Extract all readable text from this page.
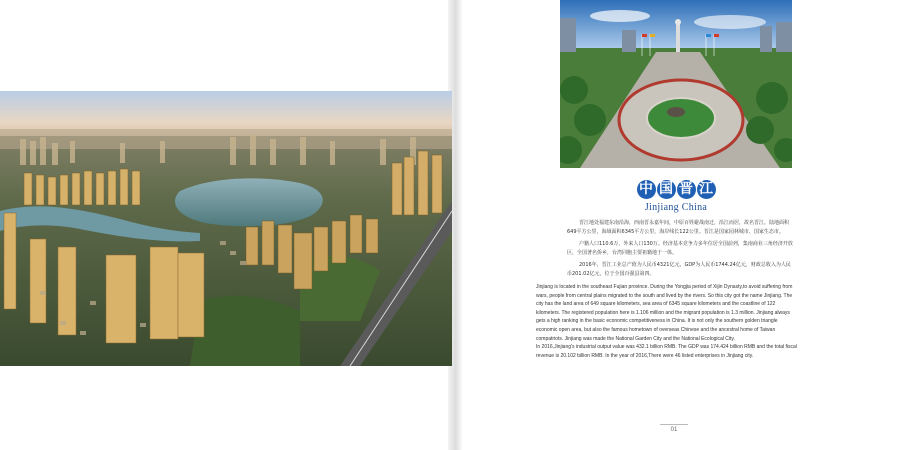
中 国 晋 江
Jinjiang China

晋江地处福建东南沿海，西南晋永嘉年间，中原百姓避战南迁，沿江而居，故名晋江。陆地面积649平方公里，海域面积6345平方公里，海岸线长122公里。晋江是国家园林城市、国家生态市。

户籍人口110.6万，外来人口130万。经济基本竞争力多年位居全国前列，集南商业三角经济开放区，全国著名侨乡，台湾同胞主要祖籍地于一体。

2016年，晋江工业总产值为人民币4321亿元，GDP为人民币1744.24亿元，财政总收入为人民币201.02亿元，位于全国百强县第四。

Jinjiang is located in the southeast Fujian province. During the Yongjia period of Xijin Dynasty,to avoid suffering from wars, people from central plains migrated to the south and lived by the rivers. So this city got the name Jinjiang. The city has the land area of 649 square kilometers, sea area of 6345 square kilometers and the coastline of 122 kilometers. The registered population here is 1.106 million and the migrant population is 1.3 million. Jinjiang always gets a high ranking in the basic economic competitiveness in China. It is not only the southern golden triangle economic open area, but also the famous hometown of overseas Chinese and the ancestral home of Taiwan compatriots. Jinjiang was made the National Garden City and the National Ecological City.

In 2016,Jinjiang's industrial output value was 432.1 billion RMB. The GDP was 174.424 billion RMB and the total fiscal revenue is 20.102 billion RMB. In the year of 2016,There were 46 listed enterprises in Jinjiang city.

01
